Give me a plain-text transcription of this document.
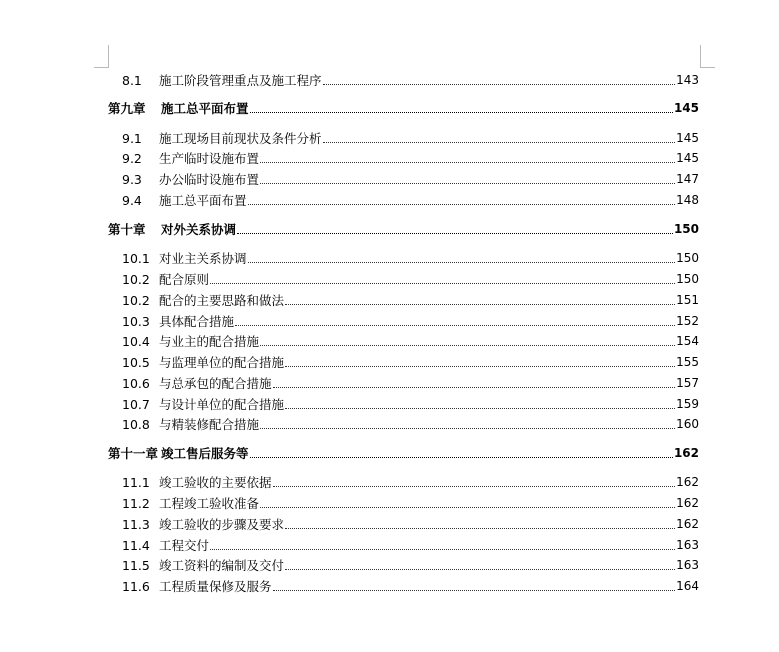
8.1	施工阶段管理重点及施工程序	143
第九章	施工总平面布置	145
9.1	施工现场目前现状及条件分析	145
9.2	生产临时设施布置	145
9.3	办公临时设施布置	147
9.4	施工总平面布置	148
第十章	对外关系协调	150
10.1 对业主关系协调	150
10.2 配合原则	150
10.2 配合的主要思路和做法	151
10.3 具体配合措施	152
10.4 与业主的配合措施	154
10.5 与监理单位的配合措施	155
10.6 与总承包的配合措施	157
10.7 与设计单位的配合措施	159
10.8 与精装修配合措施	160
第十一章 竣工售后服务等	162
11.1 竣工验收的主要依据	162
11.2 工程竣工验收准备	162
11.3 竣工验收的步骤及要求	162
11.4 工程交付	163
11.5 竣工资料的编制及交付	163
11.6 工程质量保修及服务	164
